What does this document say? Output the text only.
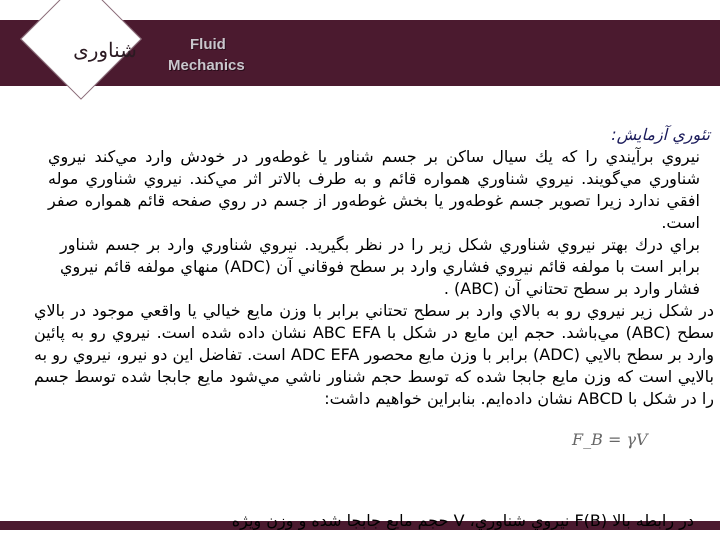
Fluid
Mechanics
شناوری

تئوري آزمايش:

نيروي برآيندي را كه يك سيال ساكن بر جسم شناور يا غوطه‌ور در خودش وارد مي‌كند نيروي شناوري مي‌گويند. نيروي شناوري همواره قائم و به طرف بالاتر اثر مي‌كند. نيروي شناوري موله افقي ندارد زيرا تصوير جسم غوطه‌ور يا بخش غوطه‌ور از جسم در روي صفحه قائم همواره صفر است.

براي درك بهتر نيروي شناوري شكل زير را در نظر بگيريد. نيروي شناوري وارد بر جسم شناور برابر است با مولفه قائم نيروي فشاري وارد بر سطح فوقاني آن (ADC) منهاي مولفه قائم نيروي فشار وارد بر سطح تحتاني آن (ABC) .

در شكل زير نيروي رو به بالاي وارد بر سطح تحتاني برابر با وزن مايع خيالي يا واقعي موجود در بالاي سطح (ABC) مي‌باشد. حجم اين مايع در شكل با ABC EFA نشان داده شده است. نيروي رو به پائين وارد بر سطح بالايي (ADC) برابر با وزن مايع محصور ADC EFA است. تفاضل اين دو نيرو، نيروي رو به بالايي است كه وزن مايع جابجا شده كه توسط حجم شناور ناشي مي‌شود مايع جابجا شده توسط جسم را در شكل با ABCD نشان داده‌ايم. بنابراين خواهيم داشت:

F_B = γV
در رابطه بالا F(B) نيروي شناوري، V حجم مايع جابجا شده و وزن ويژه
